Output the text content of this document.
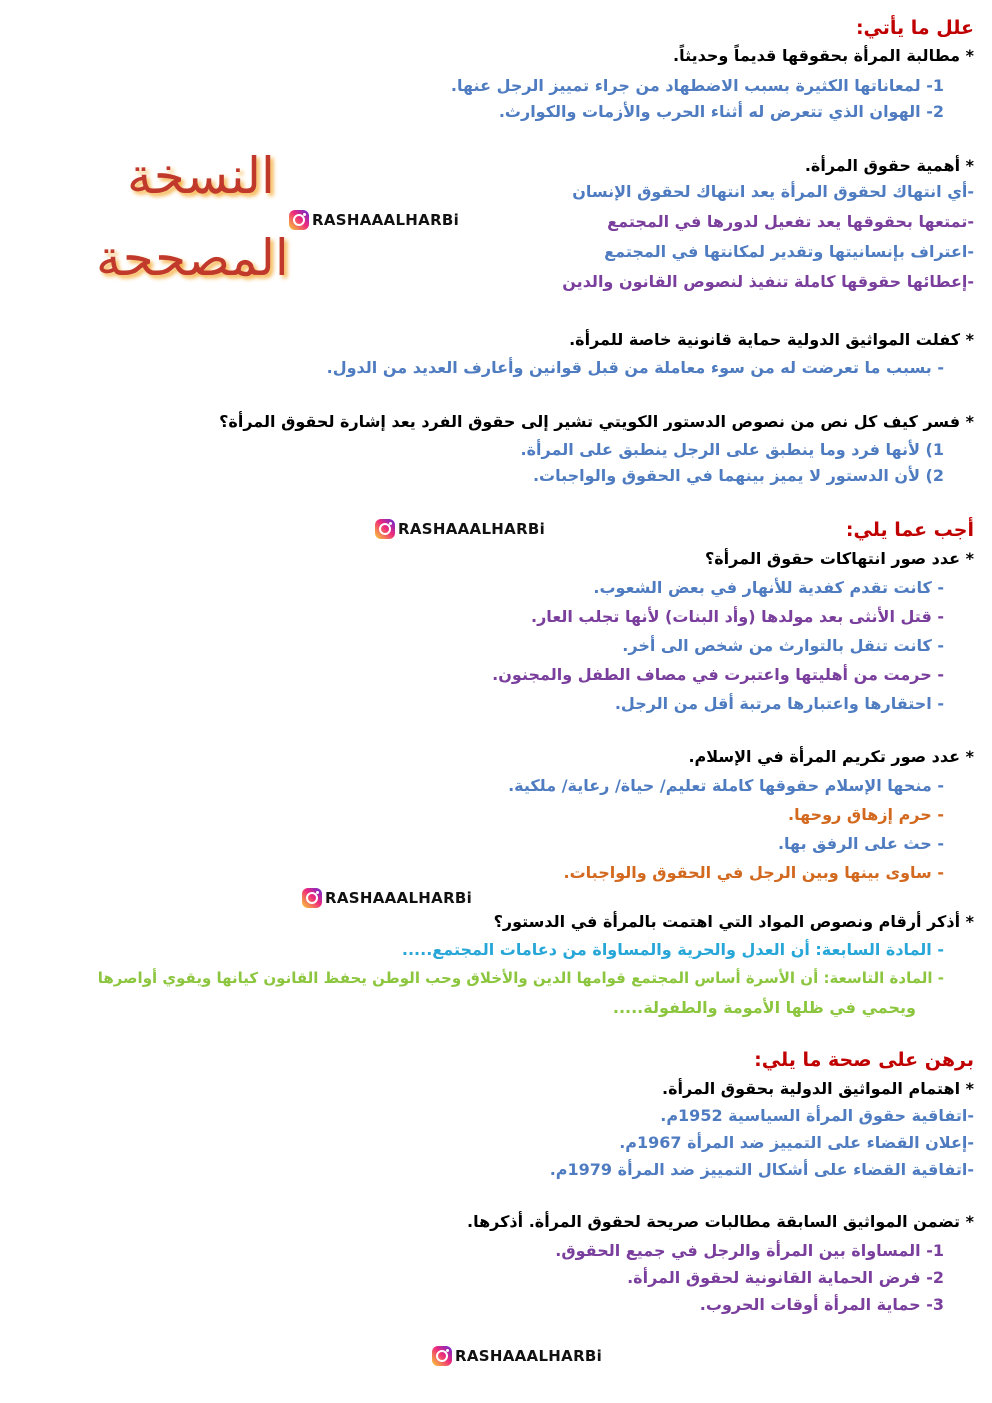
علل ما يأتي:
* مطالبة المرأة بحقوقها قديماً وحديثاً.
1- لمعاناتها الكثيرة بسبب الاضطهاد من جراء تمييز الرجل عنها.
2- الهوان الذي تتعرض له أثناء الحرب والأزمات والكوارث.
* أهمية حقوق المرأة.
-أي انتهاك لحقوق المرأة يعد انتهاك لحقوق الإنسان
-تمتعها بحقوقها يعد تفعيل لدورها في المجتمع
-اعتراف بإنسانيتها وتقدير لمكانتها في المجتمع
-إعطائها حقوقها كاملة تنفيذ لنصوص القانون والدين
* كفلت المواثيق الدولية حماية قانونية خاصة للمرأة.
- بسبب ما تعرضت له من سوء معاملة من قبل قوانين وأعارف العديد من الدول.
* فسر كيف كل نص من نصوص الدستور الكويتي تشير إلى حقوق الفرد يعد إشارة لحقوق المرأة؟
1) لأنها فرد وما ينطبق على الرجل ينطبق على المرأة.
2) لأن الدستور لا يميز بينهما في الحقوق والواجبات.
النسخة
المصححة
RASHAAALHARBi
RASHAAALHARBi
RASHAAALHARBi
RASHAAALHARBi
أجب عما يلي:
* عدد صور انتهاكات حقوق المرأة؟
- كانت تقدم كفدية للأنهار في بعض الشعوب.
- قتل الأنثى بعد مولدها (وأد البنات) لأنها تجلب العار.
- كانت تنقل بالتوارث من شخص الى أخر.
- حرمت من أهليتها واعتبرت في مصاف الطفل والمجنون.
- احتقارها واعتبارها مرتبة أقل من الرجل.
* عدد صور تكريم المرأة في الإسلام.
- منحها الإسلام حقوقها كاملة تعليم/ حياة/ رعاية/ ملكية.
- حرم إزهاق روحها.
- حث على الرفق بها.
- ساوى بينها وبين الرجل في الحقوق والواجبات.
* أذكر أرقام ونصوص المواد التي اهتمت بالمرأة في الدستور؟
- المادة السابعة: أن العدل والحرية والمساواة من دعامات المجتمع.....
- المادة التاسعة: أن الأسرة أساس المجتمع قوامها الدين والأخلاق وحب الوطن يحفظ القانون كيانها ويقوي أواصرها
ويحمي في ظلها الأمومة والطفولة.....
برهن على صحة ما يلي:
* اهتمام المواثيق الدولية بحقوق المرأة.
-اتفاقية حقوق المرأة السياسية 1952م.
-إعلان القضاء على التمييز ضد المرأة 1967م.
-اتفاقية القضاء على أشكال التمييز ضد المرأة 1979م.
* تضمن المواثيق السابقة مطالبات صريحة لحقوق المرأة. أذكرها.
1- المساواة بين المرأة والرجل في جميع الحقوق.
2- فرض الحماية القانونية لحقوق المرأة.
3- حماية المرأة أوقات الحروب.
